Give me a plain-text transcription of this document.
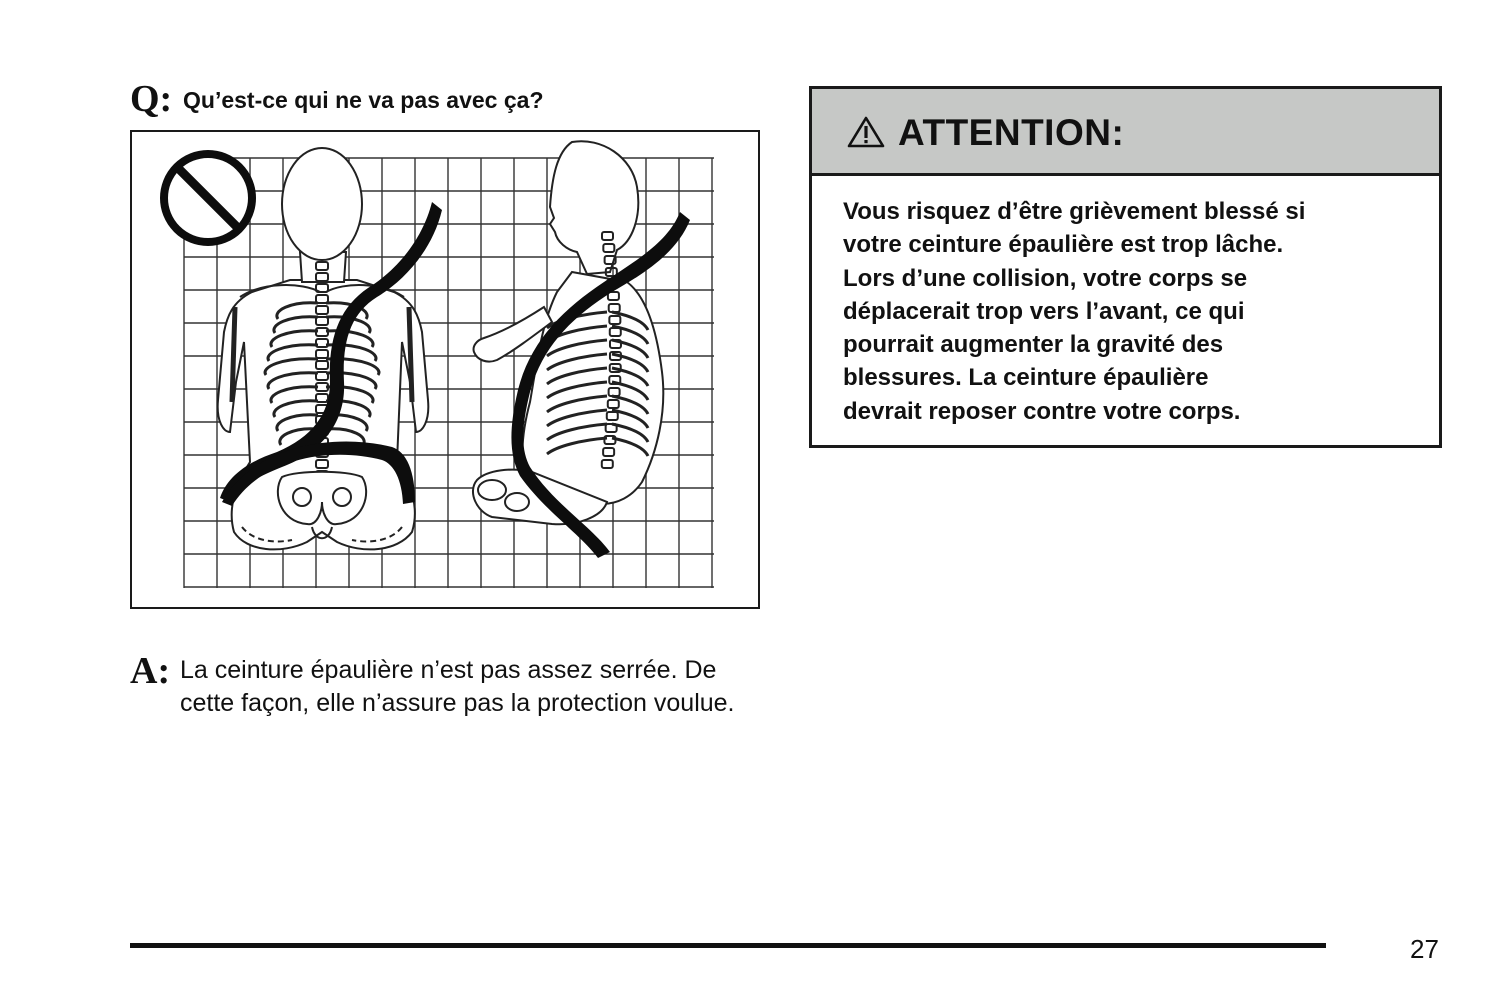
Q: Qu’est-ce qui ne va pas avec ça?
A: La ceinture épaulière n’est pas assez serrée. De cette façon, elle n’assure pas la protection voulue.
ATTENTION:
Vous risquez d’être grièvement blessé si
votre ceinture épaulière est trop lâche.
Lors d’une collision, votre corps se
déplacerait trop vers l’avant, ce qui
pourrait augmenter la gravité des
blessures. La ceinture épaulière
devrait reposer contre votre corps.
27
